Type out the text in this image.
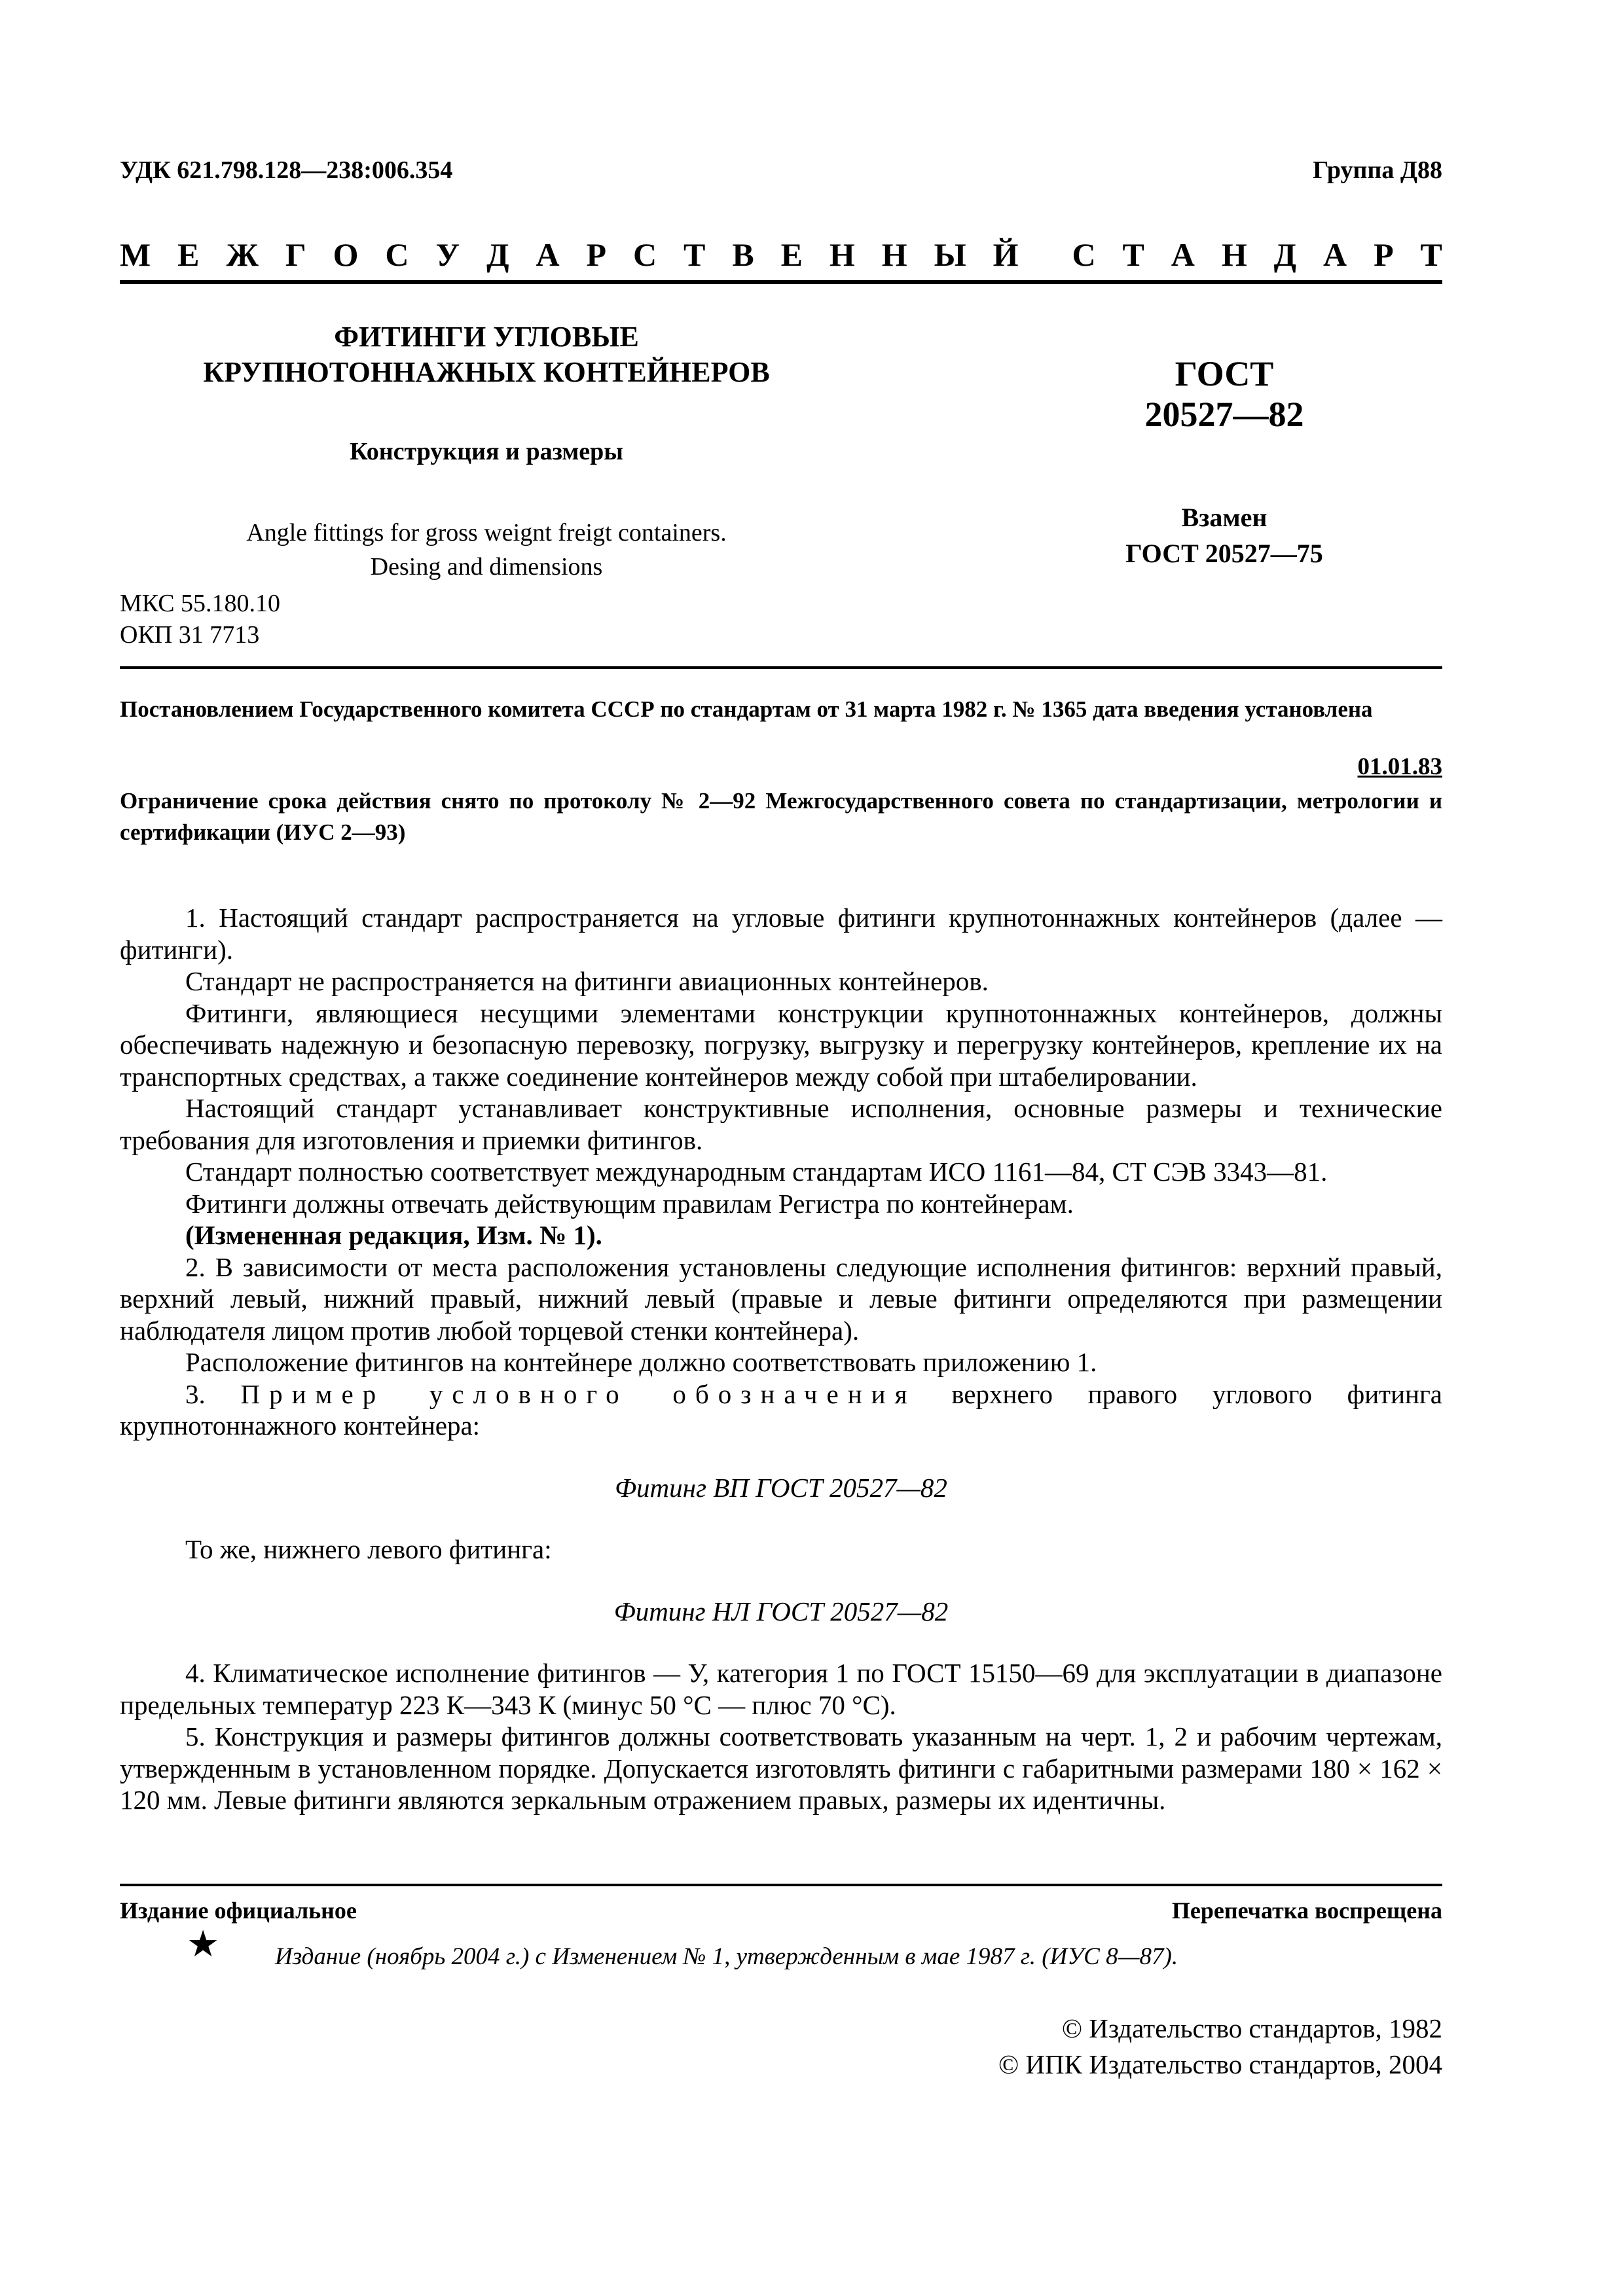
УДК 621.798.128—238:006.354	Группа Д88
М Е Ж Г О С У Д А Р С Т В Е Н Н Ы Й С Т А Н Д А Р Т
ФИТИНГИ УГЛОВЫЕ
КРУПНОТОННАЖНЫХ КОНТЕЙНЕРОВ
Конструкция и размеры
Angle fittings for gross weignt freigt containers.
Desing and dimensions
ГОСТ
20527—82
Взамен
ГОСТ 20527—75
МКС 55.180.10
ОКП 31 7713
Постановлением Государственного комитета СССР по стандартам от 31 марта 1982 г. № 1365 дата введения установлена
01.01.83
Ограничение срока действия снято по протоколу № 2—92 Межгосударственного совета по стандартизации, метрологии и сертификации (ИУС 2—93)

1. Настоящий стандарт распространяется на угловые фитинги крупнотоннажных контейнеров (далее — фитинги).

Стандарт не распространяется на фитинги авиационных контейнеров.

Фитинги, являющиеся несущими элементами конструкции крупнотоннажных контейнеров, должны обеспечивать надежную и безопасную перевозку, погрузку, выгрузку и перегрузку контейнеров, крепление их на транспортных средствах, а также соединение контейнеров между собой при штабелировании.

Настоящий стандарт устанавливает конструктивные исполнения, основные размеры и технические требования для изготовления и приемки фитингов.

Стандарт полностью соответствует международным стандартам ИСО 1161—84, СТ СЭВ 3343—81.

Фитинги должны отвечать действующим правилам Регистра по контейнерам.

(Измененная редакция, Изм. № 1).

2. В зависимости от места расположения установлены следующие исполнения фитингов: верхний правый, верхний левый, нижний правый, нижний левый (правые и левые фитинги определяются при размещении наблюдателя лицом против любой торцевой стенки контейнера).

Расположение фитингов на контейнере должно соответствовать приложению 1.

3. Пример условного обозначения верхнего правого углового фитинга крупнотоннажного контейнера:

Фитинг ВП ГОСТ 20527—82

То же, нижнего левого фитинга:

Фитинг НЛ ГОСТ 20527—82

4. Климатическое исполнение фитингов — У, категория 1 по ГОСТ 15150—69 для эксплуатации в диапазоне предельных температур 223 К—343 К (минус 50 °С — плюс 70 °С).

5. Конструкция и размеры фитингов должны соответствовать указанным на черт. 1, 2 и рабочим чертежам, утвержденным в установленном порядке. Допускается изготовлять фитинги с габаритными размерами 180 × 162 × 120 мм. Левые фитинги являются зеркальным отражением правых, размеры их идентичны.

Издание официальное	Перепечатка воспрещена
★ Издание (ноябрь 2004 г.) с Изменением № 1, утвержденным в мае 1987 г. (ИУС 8—87).
© Издательство стандартов, 1982
© ИПК Издательство стандартов, 2004
